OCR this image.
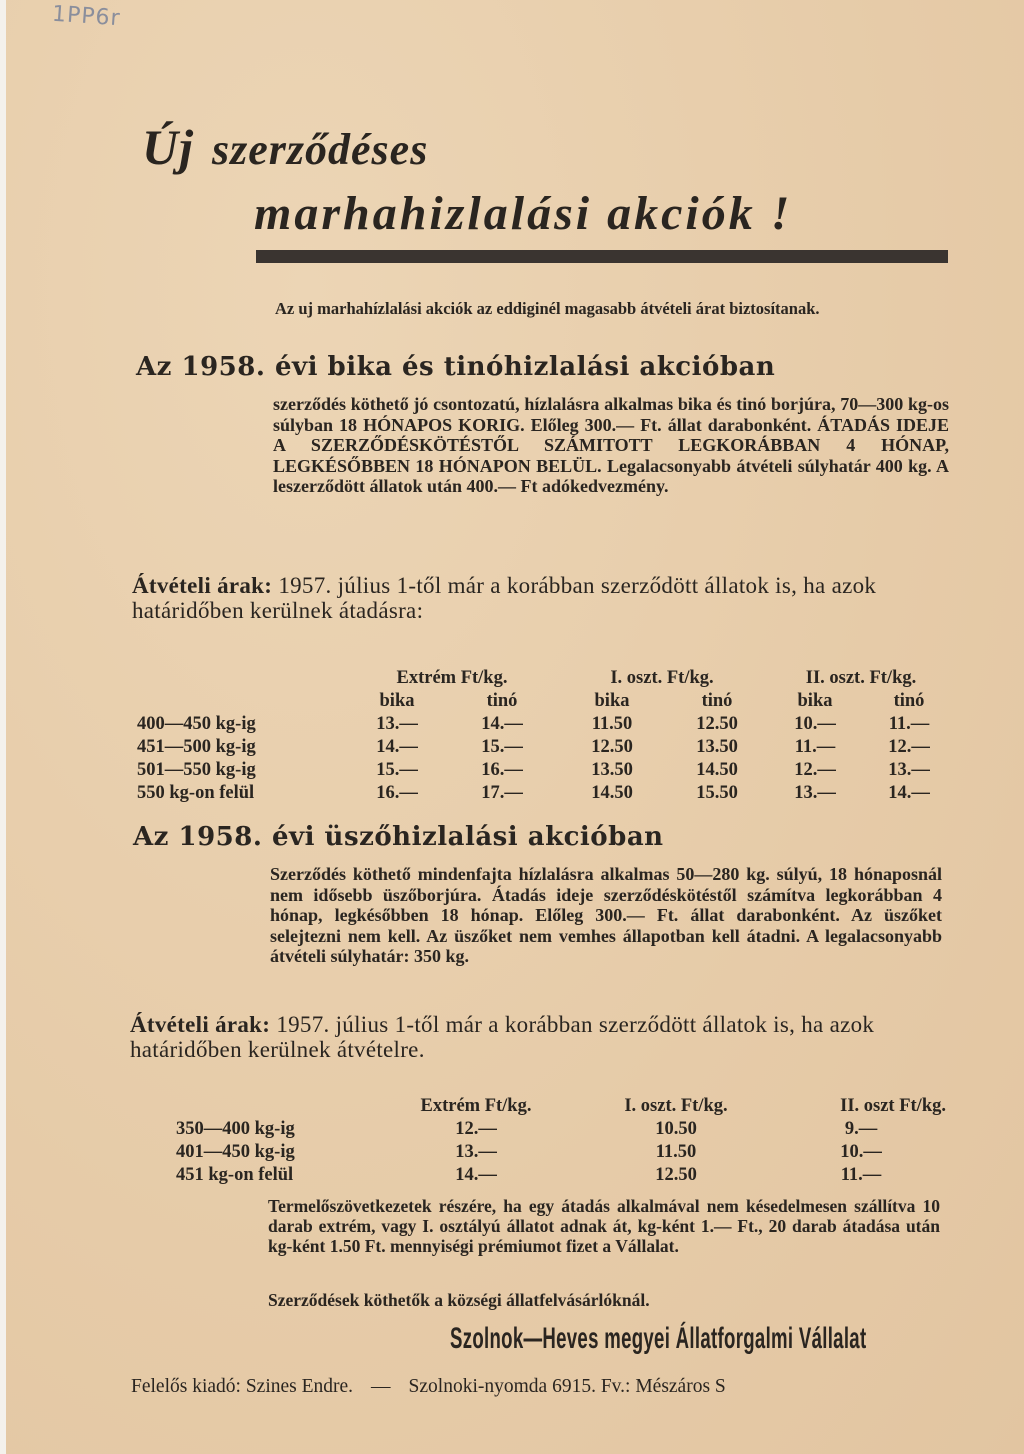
1PP6r
Új szerződéses
marhahizlalási akciók !
Az uj marhahízlalási akciók az eddiginél magasabb átvételi árat biztosítanak.
Az 1958. évi bika és tinóhizlalási akcióban
szerződés köthető jó csontozatú, hízlalásra alkalmas bika és tinó borjúra, 70—300 kg-os súlyban 18 HÓNAPOS KORIG. Előleg 300.— Ft. állat darabonként. ÁTADÁS IDEJE A SZERZŐDÉSKÖTÉSTŐL SZÁMITOTT LEGKORÁBBAN 4 HÓNAP, LEGKÉSŐBBEN 18 HÓNAPON BELÜL. Legalacsonyabb átvételi súlyhatár 400 kg. A leszerződött állatok után 400.— Ft adókedvezmény.
Átvételi árak: 1957. július 1-től már a korábban szerződött állatok is, ha azok határidőben kerülnek átadásra:
	Extrém Ft/kg.		I. oszt. Ft/kg.		II. oszt. Ft/kg.	
	bika	tinó	bika	tinó	bika	tinó
400—450 kg-ig	13.—	14.—	11.50	12.50	10.—	11.—
451—500 kg-ig	14.—	15.—	12.50	13.50	11.—	12.—
501—550 kg-ig	15.—	16.—	13.50	14.50	12.—	13.—
550 kg-on felül	16.—	17.—	14.50	15.50	13.—	14.—
Az 1958. évi üszőhizlalási akcióban
Szerződés köthető mindenfajta hízlalásra alkalmas 50—280 kg. súlyú, 18 hónaposnál nem idősebb üszőborjúra. Átadás ideje szerződéskötéstől számítva legkorábban 4 hónap, legkésőbben 18 hónap. Előleg 300.— Ft. állat darabonként. Az üszőket selejtezni nem kell. Az üszőket nem vemhes állapotban kell átadni. A legalacsonyabb átvételi súlyhatár: 350 kg.
Átvételi árak: 1957. július 1-től már a korábban szerződött állatok is, ha azok határidőben kerülnek átvételre.
	Extrém Ft/kg.	I. oszt. Ft/kg.	II. oszt Ft/kg.
350—400 kg-ig	12.—	10.50	9.—
401—450 kg-ig	13.—	11.50	10.—
451 kg-on felül	14.—	12.50	11.—
Termelőszövetkezetek részére, ha egy átadás alkalmával nem késedelmesen szállítva 10 darab extrém, vagy I. osztályú állatot adnak át, kg-ként 1.— Ft., 20 darab átadása után kg-ként 1.50 Ft. mennyiségi prémiumot fizet a Vállalat.
Szerződések köthetők a községi állatfelvásárlóknál.
Szolnok—Heves megyei Állatforgalmi Vállalat
Felelős kiadó: Szines Endre. — Szolnoki-nyomda 6915. Fv.: Mészáros S
